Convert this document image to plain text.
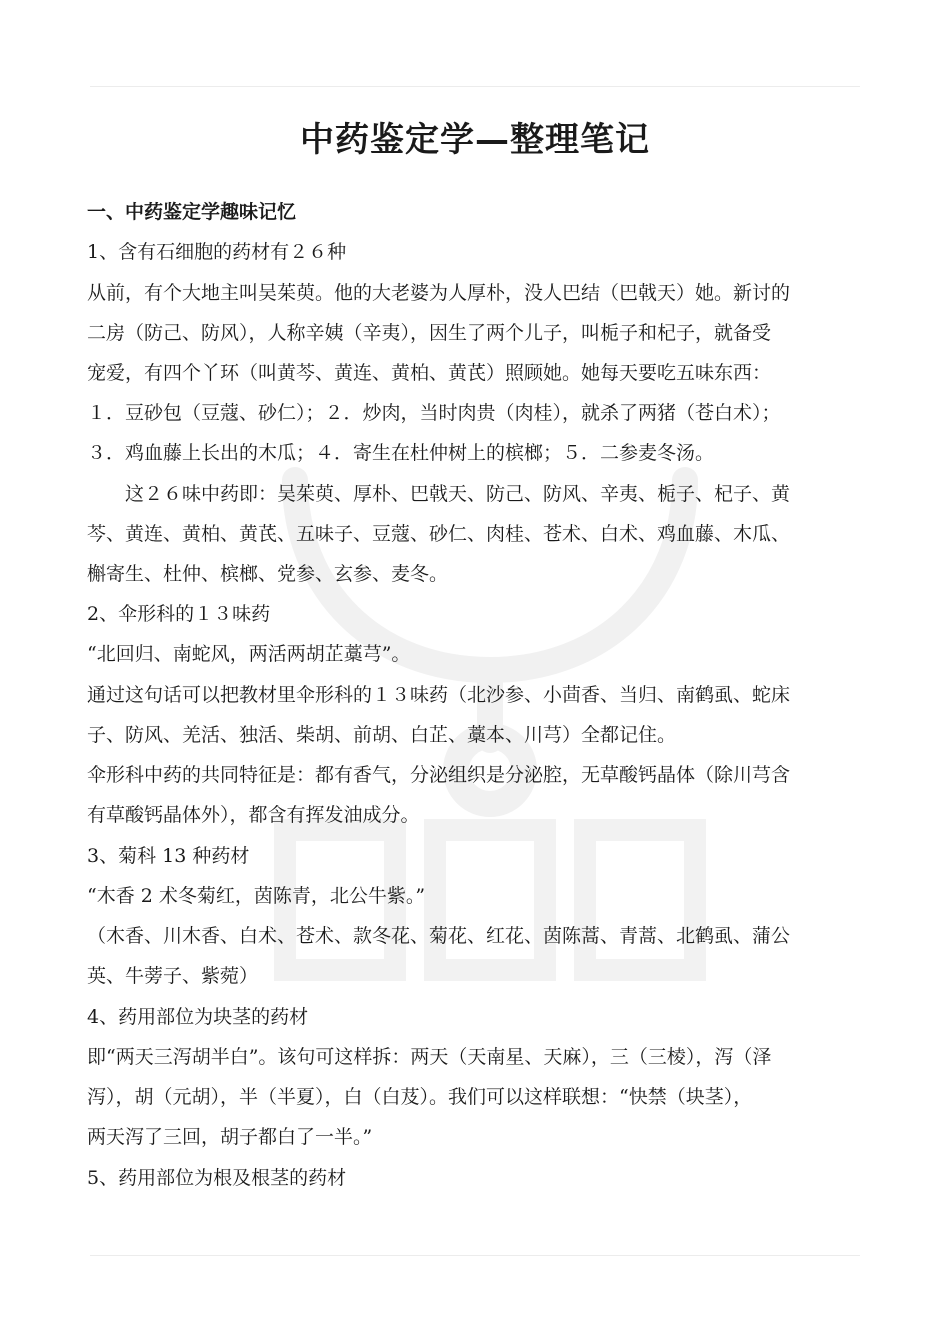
中药鉴定学—整理笔记
一、中药鉴定学趣味记忆
1、含有石细胞的药材有２６种
从前，有个大地主叫吴茱萸。他的大老婆为人厚朴，没人巴结（巴戟天）她。新讨的
二房（防己、防风），人称辛姨（辛夷），因生了两个儿子，叫栀子和杞子，就备受
宠爱，有四个丫环（叫黄芩、黄连、黄柏、黄芪）照顾她。她每天要吃五味东西：
１．豆砂包（豆蔻、砂仁）；２．炒肉，当时肉贵（肉桂），就杀了两猪（苍白术）；
３．鸡血藤上长出的木瓜；４．寄生在杜仲树上的槟榔；５．二参麦冬汤。
　　这２６味中药即：吴茱萸、厚朴、巴戟天、防己、防风、辛夷、栀子、杞子、黄
芩、黄连、黄柏、黄芪、五味子、豆蔻、砂仁、肉桂、苍术、白术、鸡血藤、木瓜、
槲寄生、杜仲、槟榔、党参、玄参、麦冬。
2、伞形科的１３味药
“北回归、南蛇风，两活两胡芷藁芎”。
通过这句话可以把教材里伞形科的１３味药（北沙参、小茴香、当归、南鹤虱、蛇床
子、防风、羌活、独活、柴胡、前胡、白芷、藁本、川芎）全都记住。
伞形科中药的共同特征是：都有香气，分泌组织是分泌腔，无草酸钙晶体（除川芎含
有草酸钙晶体外），都含有挥发油成分。
3、菊科 13 种药材
“木香 2 术冬菊红，茵陈青，北公牛紫。”
（木香、川木香、白术、苍术、款冬花、菊花、红花、茵陈蒿、青蒿、北鹤虱、蒲公
英、牛蒡子、紫菀）
4、药用部位为块茎的药材
即“两天三泻胡半白”。该句可这样拆：两天（天南星、天麻），三（三棱），泻（泽
泻），胡（元胡），半（半夏），白（白芨）。我们可以这样联想：“快禁（块茎），
两天泻了三回，胡子都白了一半。”
5、药用部位为根及根茎的药材
